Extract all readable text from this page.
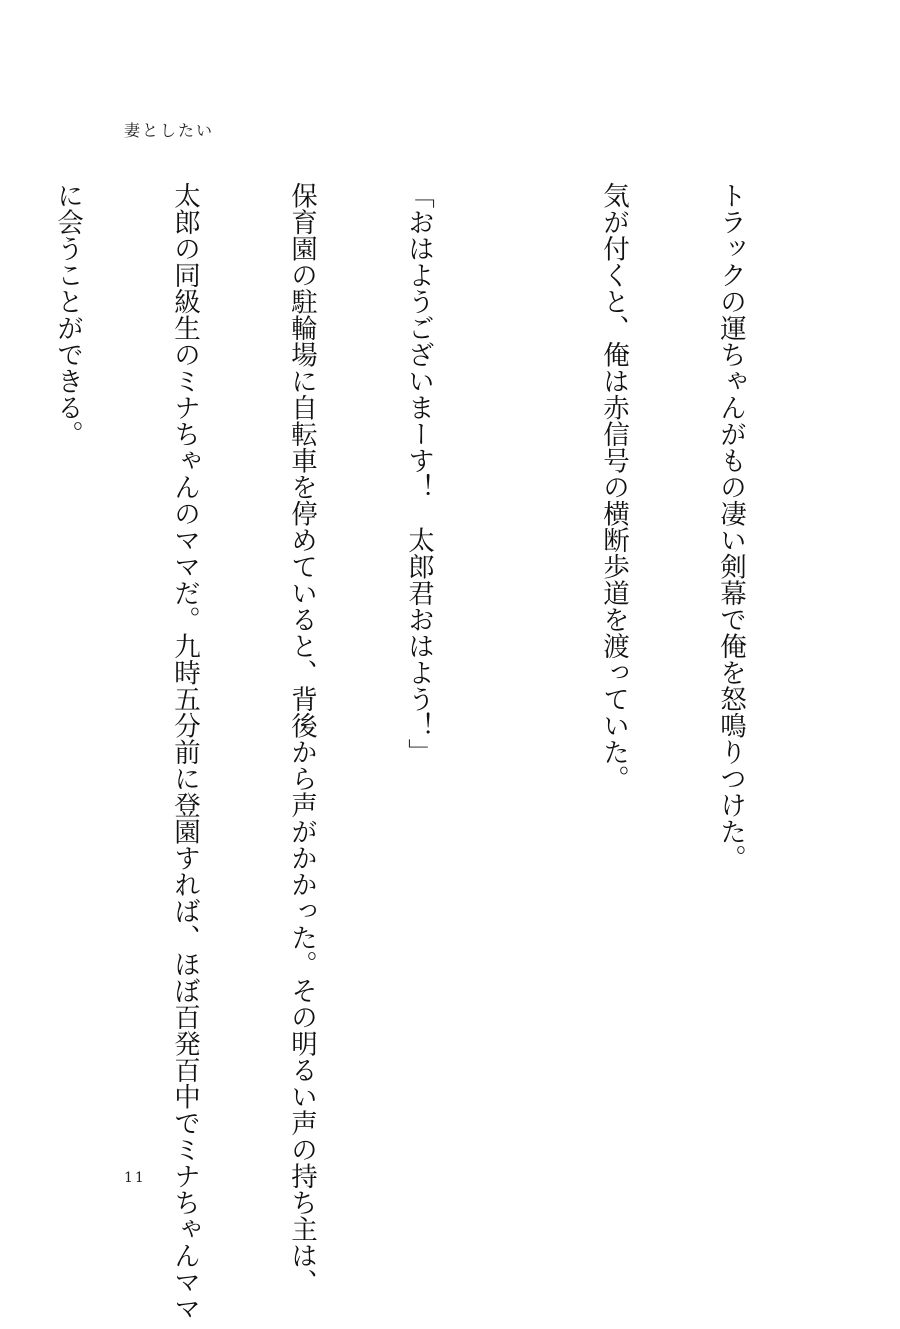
妻としたい

トラックの運ちゃんがもの凄い剣幕で俺を怒鳴りつけた。

気が付くと、俺は赤信号の横断歩道を渡っていた。

「おはようございまーす！　太郎君おはよう！」

保育園の駐輪場に自転車を停めていると、背後から声がかかった。その明るい声の持ち主は、

太郎の同級生のミナちゃんのママだ。九時五分前に登園すれば、ほぼ百発百中でミナちゃんママ

に会うことができる。

11
